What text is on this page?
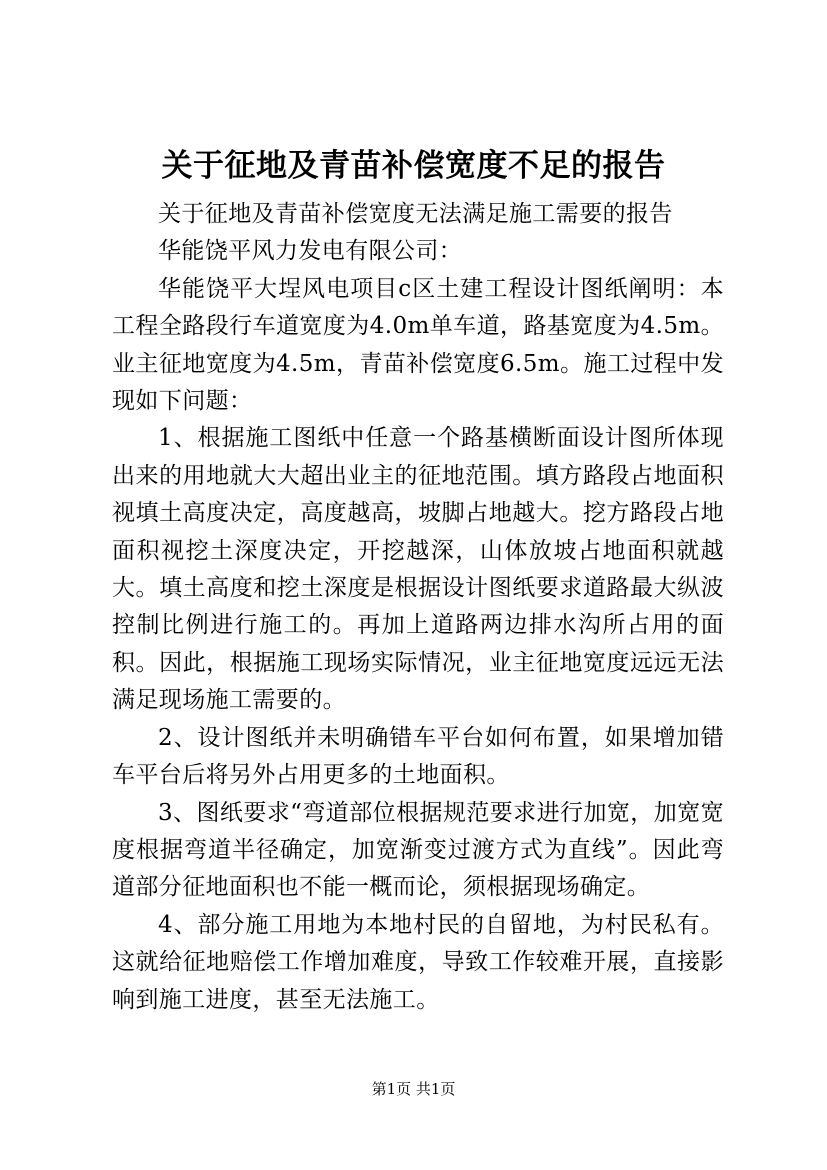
关于征地及青苗补偿宽度不足的报告

关于征地及青苗补偿宽度无法满足施工需要的报告

华能饶平风力发电有限公司：

华能饶平大埕风电项目c区土建工程设计图纸阐明：本工程全路段行车道宽度为4.0m单车道，路基宽度为4.5m。业主征地宽度为4.5m，青苗补偿宽度6.5m。施工过程中发现如下问题：

1、根据施工图纸中任意一个路基横断面设计图所体现出来的用地就大大超出业主的征地范围。填方路段占地面积视填土高度决定，高度越高，坡脚占地越大。挖方路段占地面积视挖土深度决定，开挖越深，山体放坡占地面积就越大。填土高度和挖土深度是根据设计图纸要求道路最大纵波控制比例进行施工的。再加上道路两边排水沟所占用的面积。因此，根据施工现场实际情况，业主征地宽度远远无法满足现场施工需要的。

2、设计图纸并未明确错车平台如何布置，如果增加错车平台后将另外占用更多的土地面积。

3、图纸要求“弯道部位根据规范要求进行加宽，加宽宽度根据弯道半径确定，加宽渐变过渡方式为直线”。因此弯道部分征地面积也不能一概而论，须根据现场确定。

4、部分施工用地为本地村民的自留地，为村民私有。这就给征地赔偿工作增加难度，导致工作较难开展，直接影响到施工进度，甚至无法施工。

第1页 共1页
